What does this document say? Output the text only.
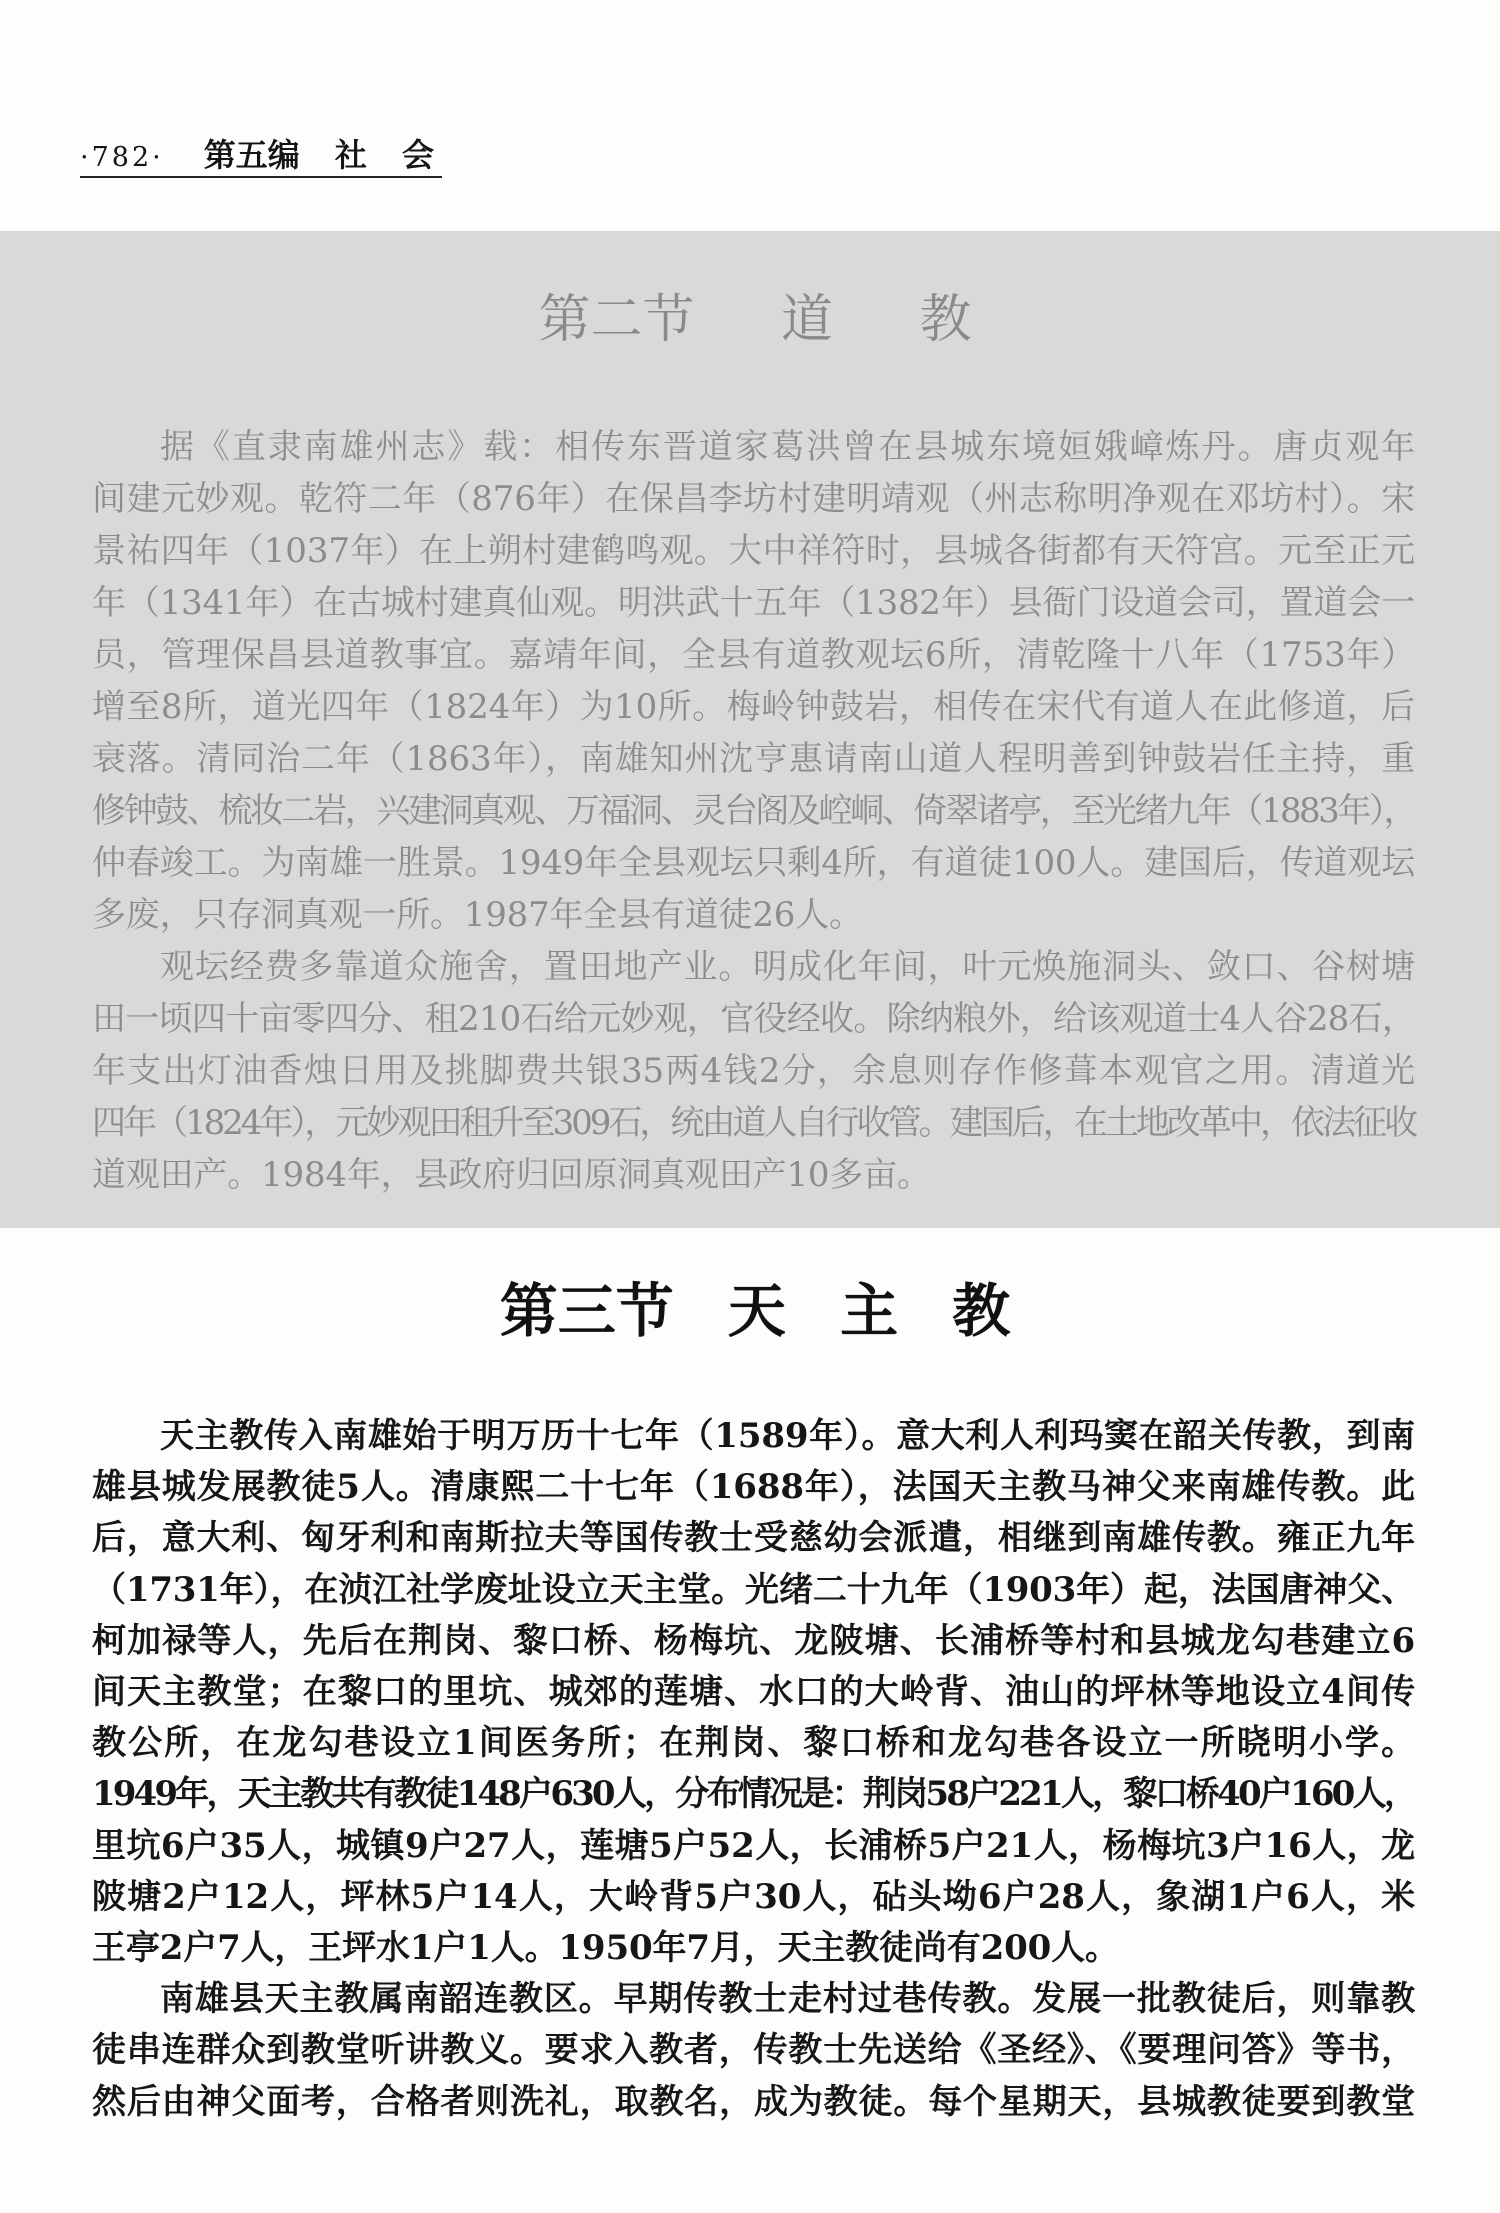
·782· 第五编 社 会
第二节 道 教
据《直隶南雄州志》载：相传东晋道家葛洪曾在县城东境姮娥嶂炼丹。唐贞观年
间建元妙观。乾符二年（876年）在保昌李坊村建明靖观（州志称明净观在邓坊村）。宋
景祐四年（1037年）在上朔村建鹤鸣观。大中祥符时，县城各街都有天符宫。元至正元
年（1341年）在古城村建真仙观。明洪武十五年（1382年）县衙门设道会司，置道会一
员，管理保昌县道教事宜。嘉靖年间，全县有道教观坛6所，清乾隆十八年（1753年）
增至8所，道光四年（1824年）为10所。梅岭钟鼓岩，相传在宋代有道人在此修道，后
衰落。清同治二年（1863年），南雄知州沈亨惠请南山道人程明善到钟鼓岩任主持，重
修钟鼓、梳妆二岩，兴建洞真观、万福洞、灵台阁及崆峒、倚翠诸亭，至光绪九年（1883年），
仲春竣工。为南雄一胜景。1949年全县观坛只剩4所，有道徒100人。建国后，传道观坛
多废，只存洞真观一所。1987年全县有道徒26人。
观坛经费多靠道众施舍，置田地产业。明成化年间，叶元焕施洞头、敛口、谷树塘
田一顷四十亩零四分、租210石给元妙观，官役经收。除纳粮外，给该观道士4人谷28石，
年支出灯油香烛日用及挑脚费共银35两4钱2分，余息则存作修葺本观官之用。清道光
四年（1824年），元妙观田租升至309石，统由道人自行收管。建国后，在土地改革中，依法征收
道观田产。1984年，县政府归回原洞真观田产10多亩。
第三节 天 主 教
天主教传入南雄始于明万历十七年（1589年）。意大利人利玛窦在韶关传教，到南
雄县城发展教徒5人。清康熙二十七年（1688年），法国天主教马神父来南雄传教。此
后，意大利、匈牙利和南斯拉夫等国传教士受慈幼会派遣，相继到南雄传教。雍正九年
（1731年），在浈江社学废址设立天主堂。光绪二十九年（1903年）起，法国唐神父、
柯加禄等人，先后在荆岗、黎口桥、杨梅坑、龙陂塘、长浦桥等村和县城龙勾巷建立6
间天主教堂；在黎口的里坑、城郊的莲塘、水口的大岭背、油山的坪林等地设立4间传
教公所，在龙勾巷设立1间医务所；在荆岗、黎口桥和龙勾巷各设立一所晓明小学。
1949年，天主教共有教徒148户630人，分布情况是：荆岗58户221人，黎口桥40户160人，
里坑6户35人，城镇9户27人，莲塘5户52人，长浦桥5户21人，杨梅坑3户16人，龙
陂塘2户12人，坪林5户14人，大岭背5户30人，砧头坳6户28人，象湖1户6人，米
王亭2户7人，王坪水1户1人。1950年7月，天主教徒尚有200人。
南雄县天主教属南韶连教区。早期传教士走村过巷传教。发展一批教徒后，则靠教
徒串连群众到教堂听讲教义。要求入教者，传教士先送给《圣经》、《要理问答》等书，
然后由神父面考，合格者则洗礼，取教名，成为教徒。每个星期天，县城教徒要到教堂
